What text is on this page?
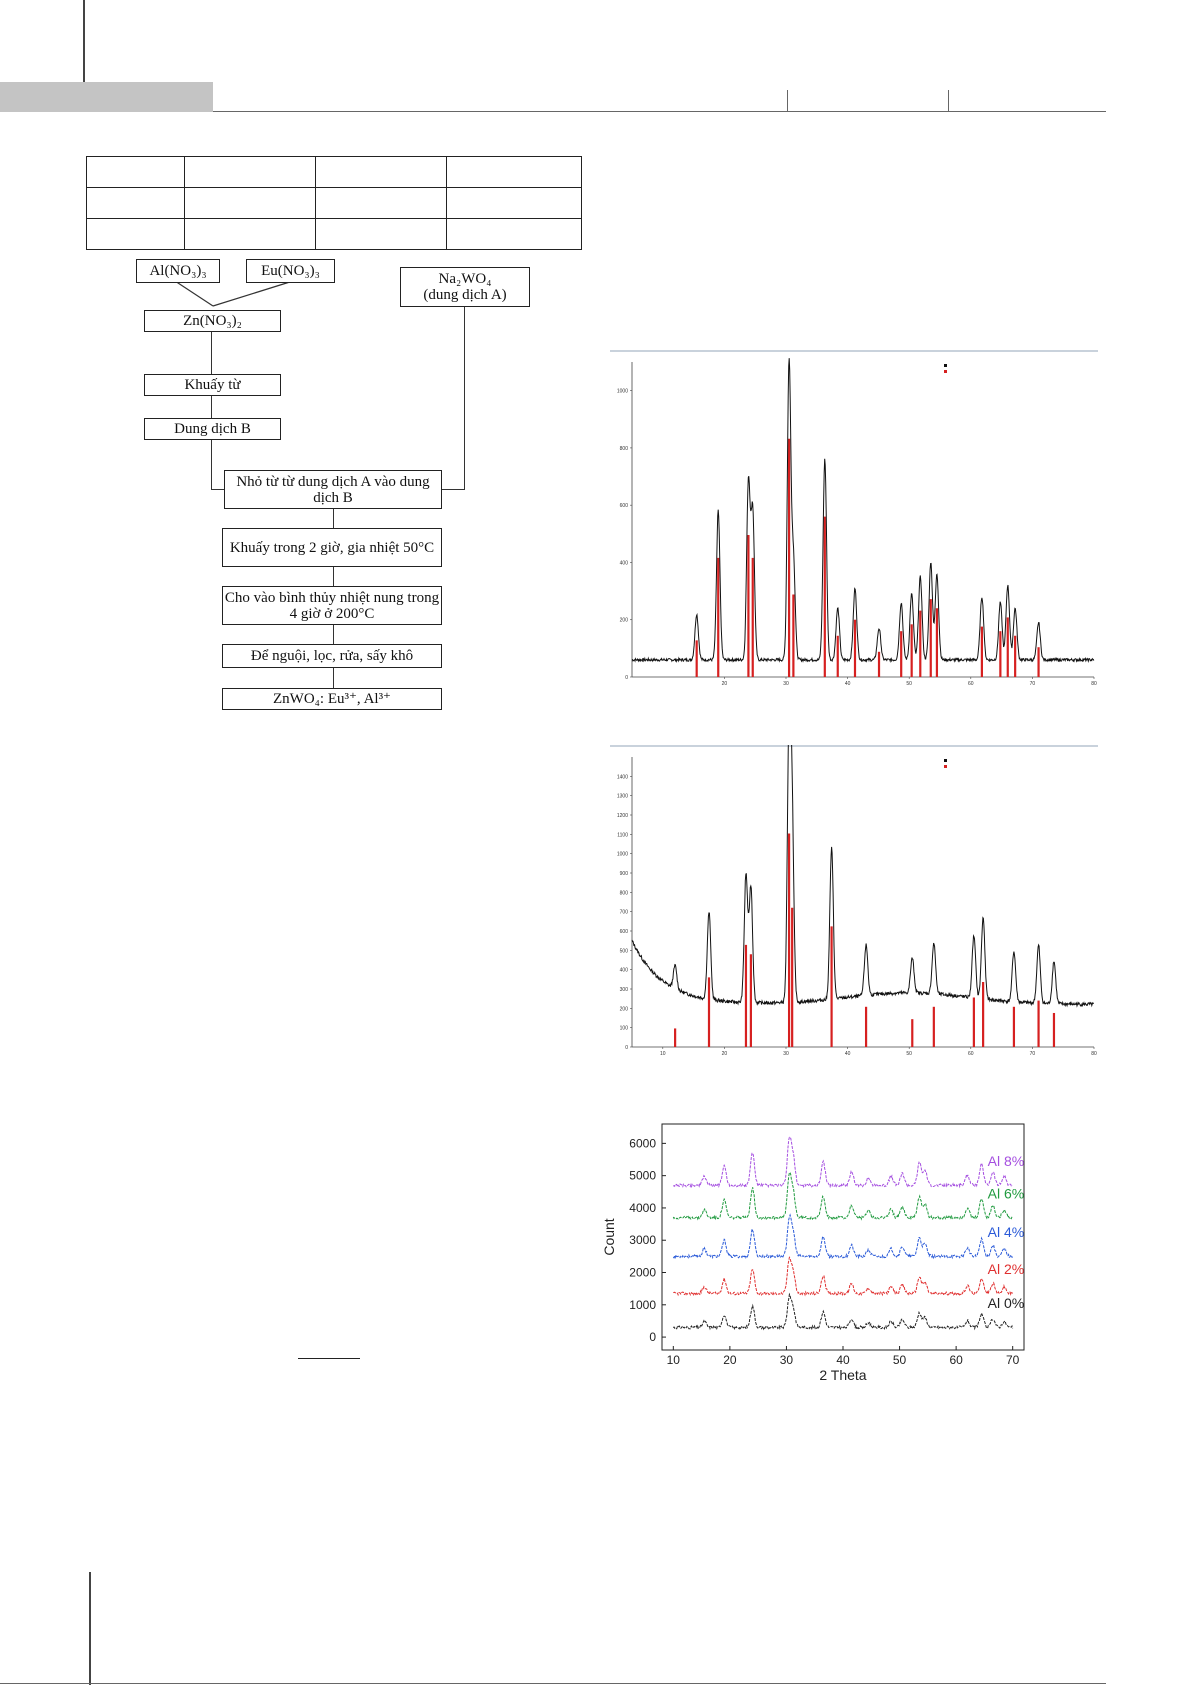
Al(NO₃)₃	Eu(NO₃)₃	Na₂WO₄
(dung dịch A)
Zn(NO₃)₂
Khuấy từ
Dung dịch B
Nhỏ từ từ dung dịch A vào dung dịch B
Khuấy trong 2 giờ, gia nhiệt 50°C
Cho vào bình thủy nhiệt nung trong 4 giờ ở 200°C
Để nguội, lọc, rửa, sấy khô
ZnWO₄: Eu³⁺, Al³⁺
0
200
400
600
800
1000
20	30	40	50	60	70	80
0
100
200
300
400
500
600
700
800
900
1000
1100
1200
1300
1400
10	20	30	40	50	60	70	80
0
1000
2000
3000
4000
5000
6000
10	20	30	40	50	60	70
2 Theta
Count
Al 0%
Al 2%
Al 4%
Al 6%
Al 8%
